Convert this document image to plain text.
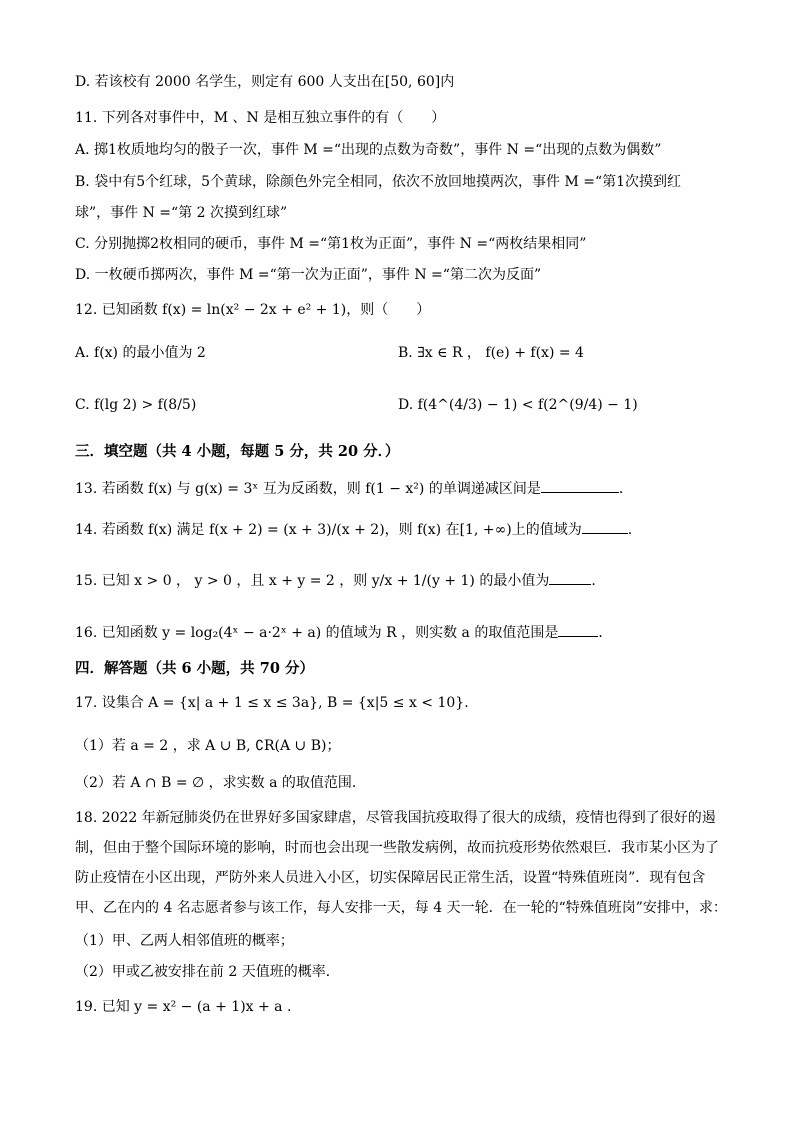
D. 若该校有 2000 名学生，则定有 600 人支出在[50, 60]内
11. 下列各对事件中，M 、N 是相互独立事件的有（　　）
A. 掷1枚质地均匀的骰子一次，事件 M =“出现的点数为奇数”，事件 N =“出现的点数为偶数”
B. 袋中有5个红球，5个黄球，除颜色外完全相同，依次不放回地摸两次，事件 M =“第1次摸到红
球”，事件 N =“第 2 次摸到红球”
C. 分别抛掷2枚相同的硬币，事件 M =“第1枚为正面”，事件 N =“两枚结果相同”
D. 一枚硬币掷两次，事件 M =“第一次为正面”，事件 N =“第二次为反面”
12. 已知函数 f(x) = ln(x² − 2x + e² + 1)，则（　　）
A. f(x) 的最小值为 2	B. ∃x ∈ R ， f(e) + f(x) = 4
C. f(lg 2) > f(8/5)	D. f(4^(4/3) − 1) < f(2^(9/4) − 1)
三．填空题（共 4 小题，每题 5 分，共 20 分．）
13. 若函数 f(x) 与 g(x) = 3ˣ 互为反函数，则 f(1 − x²) 的单调递减区间是	．
14. 若函数 f(x) 满足 f(x + 2) = (x + 3)/(x + 2)，则 f(x) 在[1, +∞)上的值域为	.
15. 已知 x > 0 ， y > 0 ，且 x + y = 2 ，则 y/x + 1/(y + 1) 的最小值为	.
16. 已知函数 y = log₂(4ˣ − a·2ˣ + a) 的值域为 R ，则实数 a 的取值范围是	．
四．解答题（共 6 小题，共 70 分）
17. 设集合 A = {x| a + 1 ≤ x ≤ 3a}, B = {x|5 ≤ x < 10}.
（1）若 a = 2 ，求 A ∪ B, ∁R(A ∪ B)；
（2）若 A ∩ B = ∅ ，求实数 a 的取值范围.
18. 2022 年新冠肺炎仍在世界好多国家肆虐，尽管我国抗疫取得了很大的成绩，疫情也得到了很好的遏
制，但由于整个国际环境的影响，时而也会出现一些散发病例，故而抗疫形势依然艰巨．我市某小区为了
防止疫情在小区出现，严防外来人员进入小区，切实保障居民正常生活，设置“特殊值班岗”．现有包含
甲、乙在内的 4 名志愿者参与该工作，每人安排一天，每 4 天一轮．在一轮的“特殊值班岗”安排中，求：
（1）甲、乙两人相邻值班的概率；
（2）甲或乙被安排在前 2 天值班的概率．
19. 已知 y = x² − (a + 1)x + a .
